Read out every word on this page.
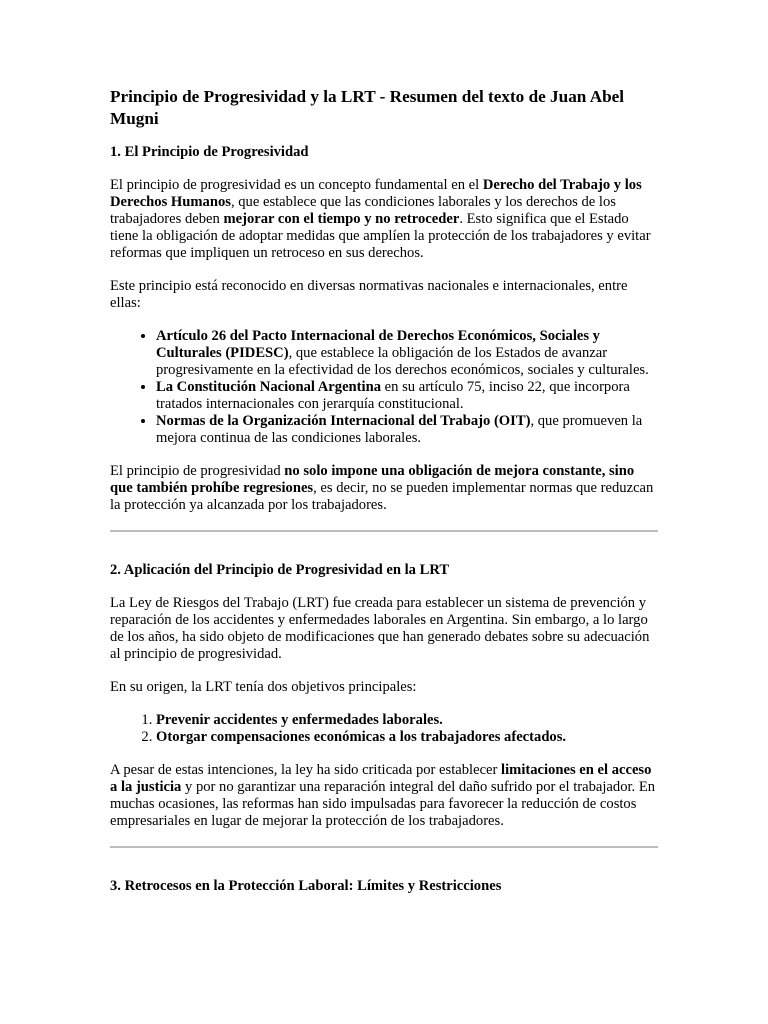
Principio de Progresividad y la LRT - Resumen del texto de Juan Abel Mugni
1. El Principio de Progresividad

El principio de progresividad es un concepto fundamental en el Derecho del Trabajo y los Derechos Humanos, que establece que las condiciones laborales y los derechos de los trabajadores deben mejorar con el tiempo y no retroceder. Esto significa que el Estado tiene la obligación de adoptar medidas que amplíen la protección de los trabajadores y evitar reformas que impliquen un retroceso en sus derechos.

Este principio está reconocido en diversas normativas nacionales e internacionales, entre ellas:

• Artículo 26 del Pacto Internacional de Derechos Económicos, Sociales y Culturales (PIDESC), que establece la obligación de los Estados de avanzar progresivamente en la efectividad de los derechos económicos, sociales y culturales.
• La Constitución Nacional Argentina en su artículo 75, inciso 22, que incorpora tratados internacionales con jerarquía constitucional.
• Normas de la Organización Internacional del Trabajo (OIT), que promueven la mejora continua de las condiciones laborales.

El principio de progresividad no solo impone una obligación de mejora constante, sino que también prohíbe regresiones, es decir, no se pueden implementar normas que reduzcan la protección ya alcanzada por los trabajadores.

2. Aplicación del Principio de Progresividad en la LRT

La Ley de Riesgos del Trabajo (LRT) fue creada para establecer un sistema de prevención y reparación de los accidentes y enfermedades laborales en Argentina. Sin embargo, a lo largo de los años, ha sido objeto de modificaciones que han generado debates sobre su adecuación al principio de progresividad.

En su origen, la LRT tenía dos objetivos principales:

1. Prevenir accidentes y enfermedades laborales.
2. Otorgar compensaciones económicas a los trabajadores afectados.

A pesar de estas intenciones, la ley ha sido criticada por establecer limitaciones en el acceso a la justicia y por no garantizar una reparación integral del daño sufrido por el trabajador. En muchas ocasiones, las reformas han sido impulsadas para favorecer la reducción de costos empresariales en lugar de mejorar la protección de los trabajadores.

3. Retrocesos en la Protección Laboral: Límites y Restricciones
